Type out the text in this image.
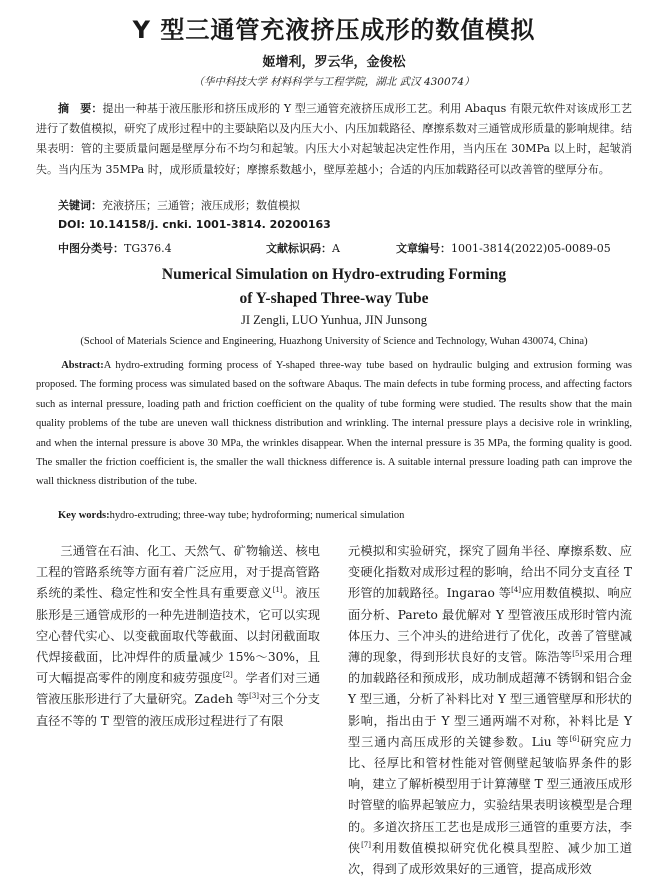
Y 型三通管充液挤压成形的数值模拟
姬增利，罗云华，金俊松
（华中科技大学 材料科学与工程学院，湖北 武汉 430074）
摘　要：提出一种基于液压胀形和挤压成形的 Y 型三通管充液挤压成形工艺。利用 Abaqus 有限元软件对该成形工艺进行了数值模拟，研究了成形过程中的主要缺陷以及内压大小、内压加载路径、摩擦系数对三通管成形质量的影响规律。结果表明：管的主要质量问题是壁厚分布不均匀和起皱。内压大小对起皱起决定性作用，当内压在 30MPa 以上时，起皱消失。当内压为 35MPa 时，成形质量较好；摩擦系数越小，壁厚差越小；合适的内压加载路径可以改善管的壁厚分布。
关键词：充液挤压；三通管；液压成形；数值模拟
DOI: 10.14158/j. cnki. 1001-3814. 20200163
中图分类号：TG376.4	文献标识码：A	文章编号：1001-3814(2022)05-0089-05
Numerical Simulation on Hydro-extruding Forming
of Y-shaped Three-way Tube
JI Zengli, LUO Yunhua, JIN Junsong
(School of Materials Science and Engineering, Huazhong University of Science and Technology, Wuhan 430074, China)
Abstract:A hydro-extruding forming process of Y-shaped three-way tube based on hydraulic bulging and extrusion forming was proposed. The forming process was simulated based on the software Abaqus. The main defects in tube forming process, and affecting factors such as internal pressure, loading path and friction coefficient on the quality of tube forming were studied. The results show that the main quality problems of the tube are uneven wall thickness distribution and wrinkling. The internal pressure plays a decisive role in wrinkling, and when the internal pressure is above 30 MPa, the wrinkles disappear. When the internal pressure is 35 MPa, the forming quality is good. The smaller the friction coefficient is, the smaller the wall thickness difference is. A suitable internal pressure loading path can improve the wall thickness distribution of the tube.
Key words:hydro-extruding; three-way tube; hydroforming; numerical simulation

三通管在石油、化工、天然气、矿物输送、核电工程的管路系统等方面有着广泛应用，对于提高管路系统的柔性、稳定性和安全性具有重要意义[1]。液压胀形是三通管成形的一种先进制造技术，它可以实现空心替代实心、以变截面取代等截面、以封闭截面取代焊接截面，比冲焊件的质量减少 15%～30%，且可大幅提高零件的刚度和疲劳强度[2]。学者们对三通管液压胀形进行了大量研究。Zadeh 等[3]对三个分支直径不等的 T 型管的液压成形过程进行了有限

元模拟和实验研究，探究了圆角半径、摩擦系数、应变硬化指数对成形过程的影响，给出不同分支直径 T 形管的加载路径。Ingarao 等[4]应用数值模拟、响应面分析、Pareto 最优解对 Y 型管液压成形时管内流体压力、三个冲头的进给进行了优化，改善了管壁减薄的现象，得到形状良好的支管。陈浩等[5]采用合理的加载路径和预成形，成功制成超薄不锈钢和铝合金 Y 型三通，分析了补料比对 Y 型三通管壁厚和形状的影响，指出由于 Y 型三通两端不对称，补料比是 Y 型三通内高压成形的关键参数。Liu 等[6]研究应力比、径厚比和管材性能对管侧壁起皱临界条件的影响，建立了解析模型用于计算薄壁 T 型三通液压成形时管壁的临界起皱应力，实验结果表明该模型是合理的。多道次挤压工艺也是成形三通管的重要方法，李侠[7]利用数值模拟研究优化模具型腔、减少加工道次，得到了成形效果好的三通管，提高成形效
